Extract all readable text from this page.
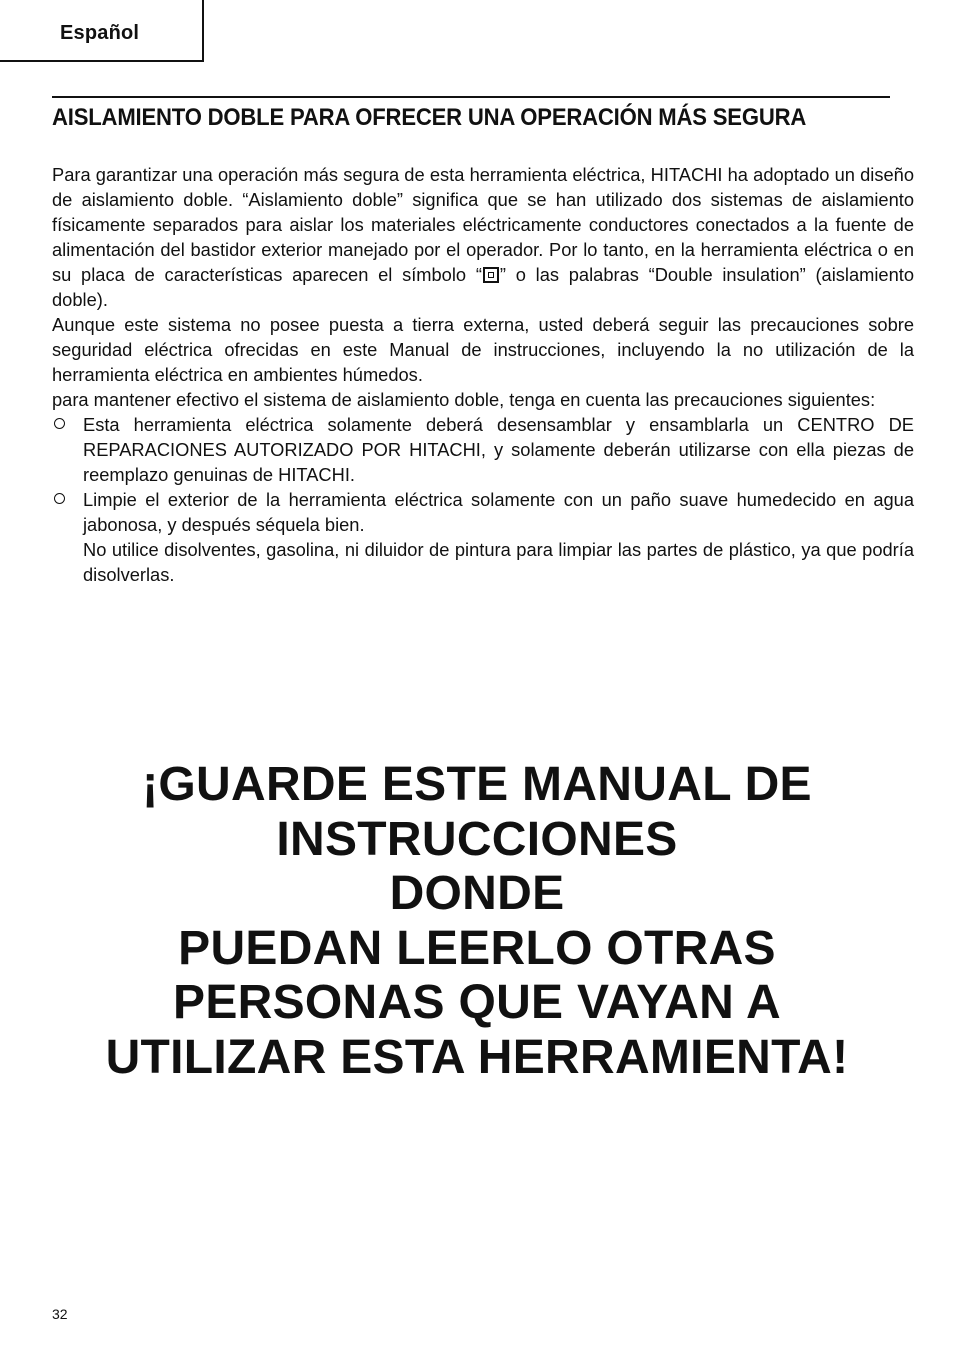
Español
AISLAMIENTO DOBLE PARA OFRECER UNA OPERACIÓN MÁS SEGURA

Para garantizar una operación más segura de esta herramienta eléctrica, HITACHI ha adoptado un diseño de aislamiento doble. “Aislamiento doble” significa que se han utilizado dos sistemas de aislamiento físicamente separados para aislar los materiales eléctricamente conductores conectados a la fuente de alimentación del bastidor exterior manejado por el operador. Por lo tanto, en la herramienta eléctrica o en su placa de características aparecen el símbolo “ ” o las palabras “Double insulation” (aislamiento doble).

Aunque este sistema no posee puesta a tierra externa, usted deberá seguir las precauciones sobre seguridad eléctrica ofrecidas en este Manual de instrucciones, incluyendo la no utilización de la herramienta eléctrica en ambientes húmedos.

para mantener efectivo el sistema de aislamiento doble, tenga en cuenta las precauciones siguientes:

Esta herramienta eléctrica solamente deberá desensamblar y ensamblarla un CENTRO DE REPARACIONES AUTORIZADO POR HITACHI, y solamente deberán utilizarse con ella piezas de reemplazo genuinas de HITACHI.

Limpie el exterior de la herramienta eléctrica solamente con un paño suave humedecido en agua jabonosa, y después séquela bien.

No utilice disolventes, gasolina, ni diluidor de pintura para limpiar las partes de plástico, ya que podría disolverlas.

¡GUARDE ESTE MANUAL DE
INSTRUCCIONES
DONDE
PUEDAN LEERLO OTRAS
PERSONAS QUE VAYAN A
UTILIZAR ESTA HERRAMIENTA!
32
